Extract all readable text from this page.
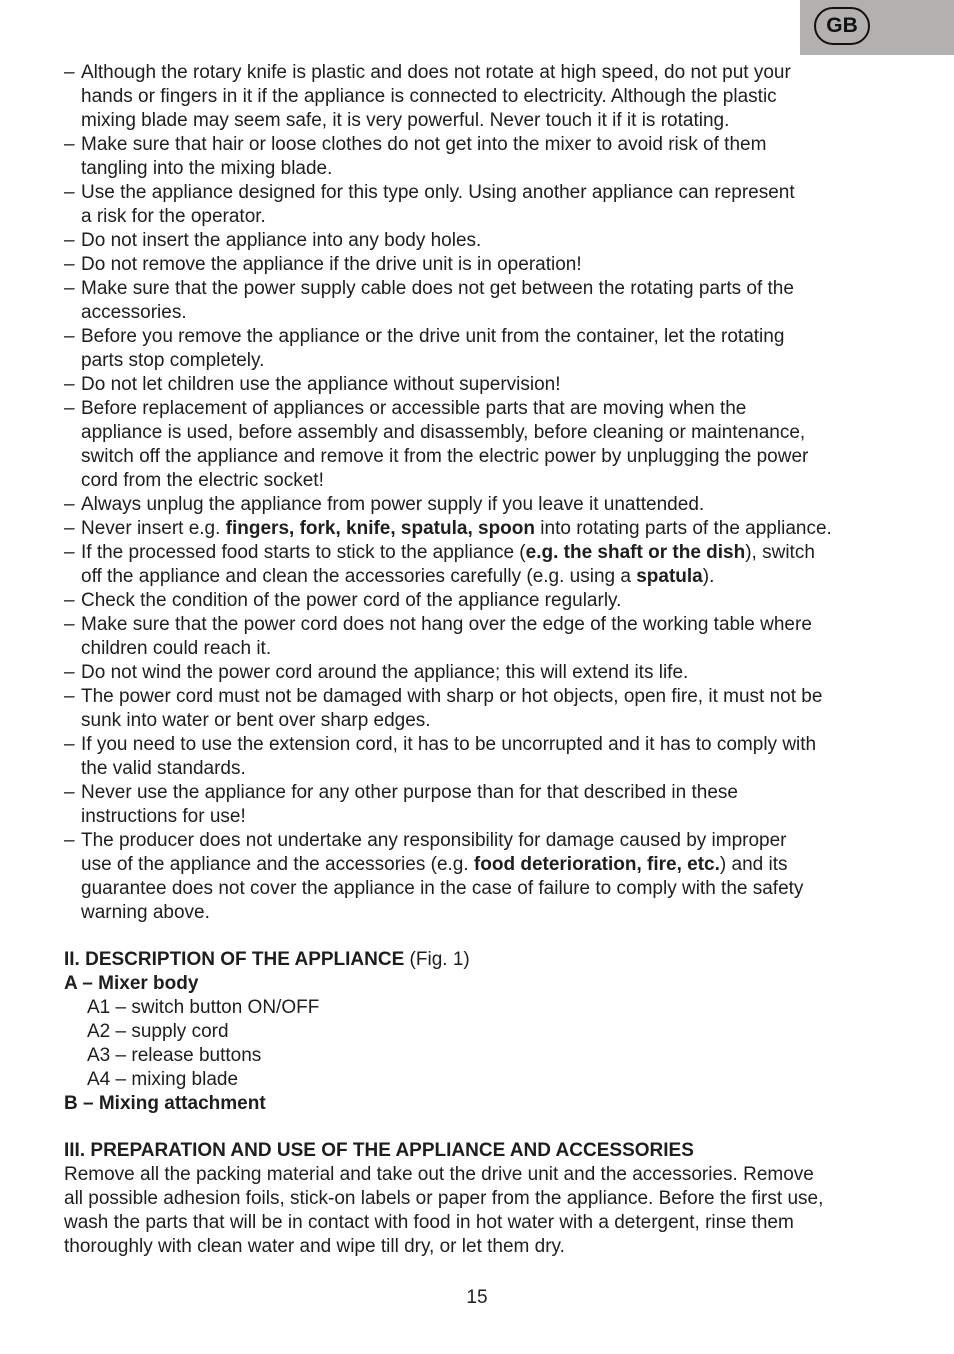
GB
– Although the rotary knife is plastic and does not rotate at high speed, do not put your
hands or fingers in it if the appliance is connected to electricity. Although the plastic
mixing blade may seem safe, it is very powerful. Never touch it if it is rotating.
– Make sure that hair or loose clothes do not get into the mixer to avoid risk of them
tangling into the mixing blade.
– Use the appliance designed for this type only. Using another appliance can represent
a risk for the operator.
– Do not insert the appliance into any body holes.
– Do not remove the appliance if the drive unit is in operation!
– Make sure that the power supply cable does not get between the rotating parts of the
accessories.
– Before you remove the appliance or the drive unit from the container, let the rotating
parts stop completely.
– Do not let children use the appliance without supervision!
– Before replacement of appliances or accessible parts that are moving when the
appliance is used, before assembly and disassembly, before cleaning or maintenance,
switch off the appliance and remove it from the electric power by unplugging the power
cord from the electric socket!
– Always unplug the appliance from power supply if you leave it unattended.
– Never insert e.g. fingers, fork, knife, spatula, spoon into rotating parts of the appliance.
– If the processed food starts to stick to the appliance (e.g. the shaft or the dish), switch
off the appliance and clean the accessories carefully (e.g. using a spatula).
– Check the condition of the power cord of the appliance regularly.
– Make sure that the power cord does not hang over the edge of the working table where
children could reach it.
– Do not wind the power cord around the appliance; this will extend its life.
– The power cord must not be damaged with sharp or hot objects, open fire, it must not be
sunk into water or bent over sharp edges.
– If you need to use the extension cord, it has to be uncorrupted and it has to comply with
the valid standards.
– Never use the appliance for any other purpose than for that described in these
instructions for use!
– The producer does not undertake any responsibility for damage caused by improper
use of the appliance and the accessories (e.g. food deterioration, fire, etc.) and its
guarantee does not cover the appliance in the case of failure to comply with the safety
warning above.
II. DESCRIPTION OF THE APPLIANCE (Fig. 1)
A – Mixer body
A1 – switch button ON/OFF
A2 – supply cord
A3 – release buttons
A4 – mixing blade
B – Mixing attachment
III. PREPARATION AND USE OF THE APPLIANCE AND ACCESSORIES
Remove all the packing material and take out the drive unit and the accessories. Remove
all possible adhesion foils, stick-on labels or paper from the appliance. Before the first use,
wash the parts that will be in contact with food in hot water with a detergent, rinse them
thoroughly with clean water and wipe till dry, or let them dry.
15
